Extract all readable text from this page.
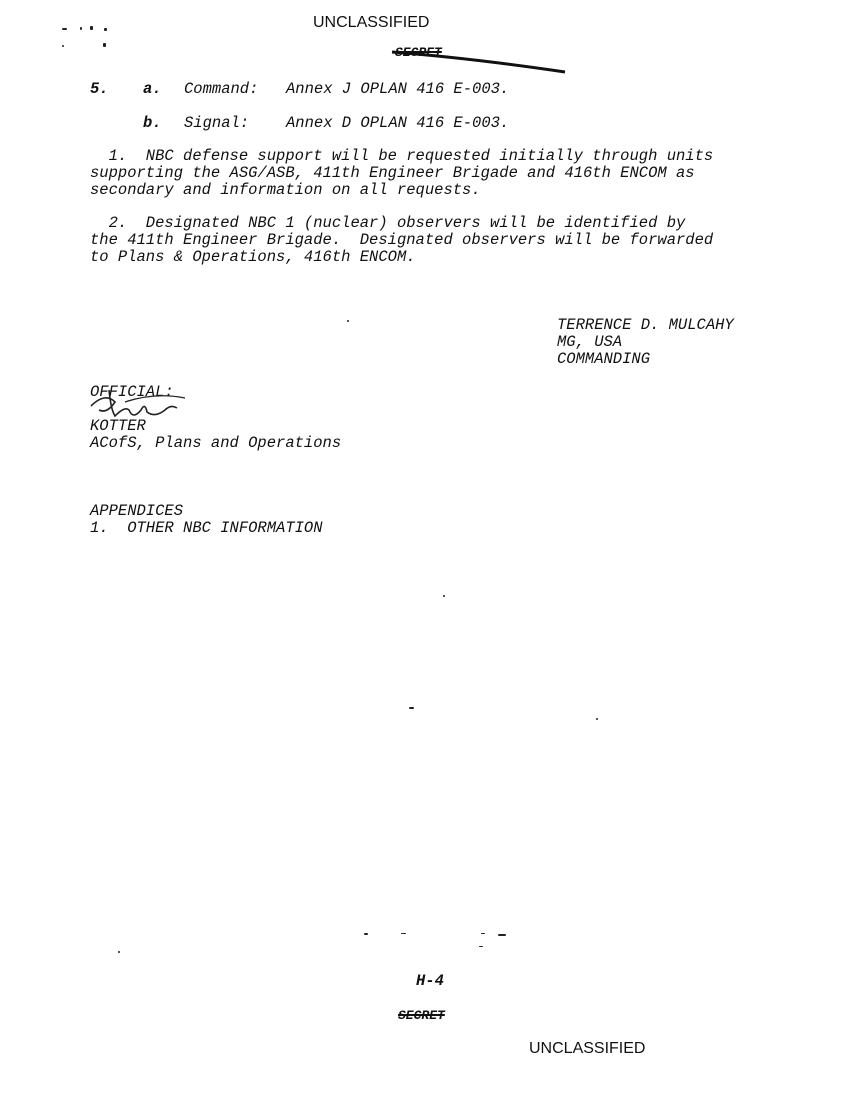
UNCLASSIFIED
SECRET
5. a. Command: Annex J OPLAN 416 E-003.
b. Signal: Annex D OPLAN 416 E-003.
1.  NBC defense support will be requested initially through units
supporting the ASG/ASB, 411th Engineer Brigade and 416th ENCOM as
secondary and information on all requests.
2.  Designated NBC 1 (nuclear) observers will be identified by
the 411th Engineer Brigade.  Designated observers will be forwarded
to Plans & Operations, 416th ENCOM.
TERRENCE D. MULCAHY
MG, USA
COMMANDING
OFFICIAL:
KOTTER
ACofS, Plans and Operations
APPENDICES
1.  OTHER NBC INFORMATION
H-4
SECRET
UNCLASSIFIED
